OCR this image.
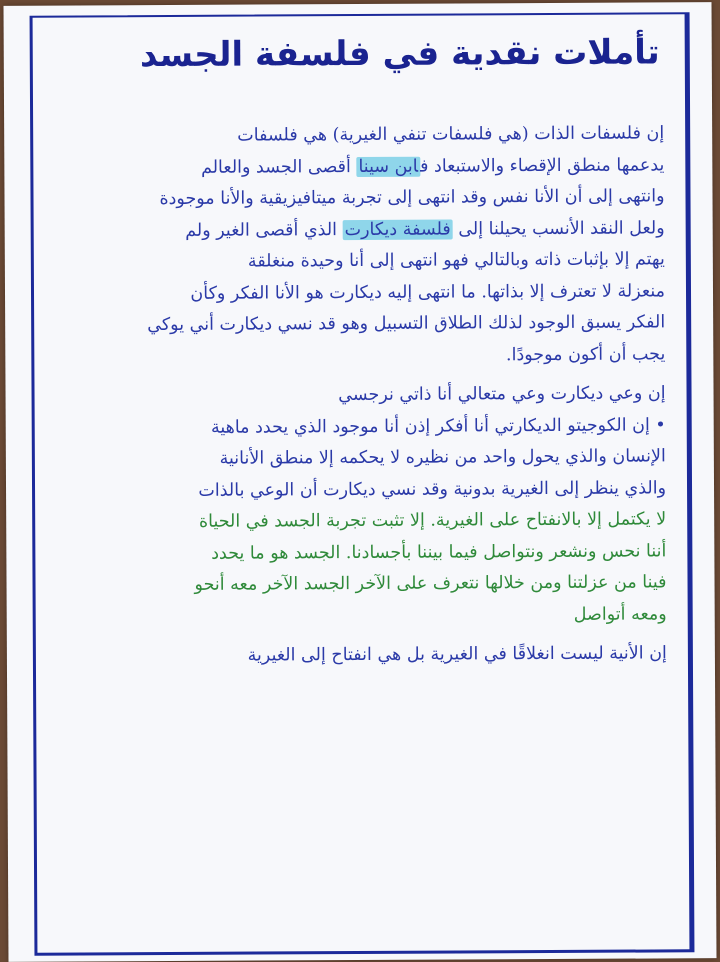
تأملات نقدية في فلسفة الجسد
إن فلسفات الذات (هي فلسفات تنفي الغيرية) هي فلسفات
يدعمها منطق الإقصاء والاستبعاد فابن سينا أقصى الجسد والعالم
وانتهى إلى أن الأنا نفس وقد انتهى إلى تجربة ميتافيزيقية والأنا موجودة
ولعل النقد الأنسب يحيلنا إلى فلسفة ديكارت الذي أقصى الغير ولم
يهتم إلا بإثبات ذاته وبالتالي فهو انتهى إلى أنا وحيدة منغلقة
منعزلة لا تعترف إلا بذاتها. ما انتهى إليه ديكارت هو الأنا الفكر وكأن
الفكر يسبق الوجود لذلك الطلاق التسبيل وهو قد نسي ديكارت أني يوكي
يجب أن أكون موجودًا.
إن وعي ديكارت وعي متعالي أنا ذاتي نرجسي
• إن الكوجيتو الديكارتي أنا أفكر إذن أنا موجود الذي يحدد ماهية
الإنسان والذي يحول واحد من نظيره لا يحكمه إلا منطق الأنانية
والذي ينظر إلى الغيرية بدونية وقد نسي ديكارت أن الوعي بالذات
لا يكتمل إلا بالانفتاح على الغيرية. إلا تثبت تجربة الجسد في الحياة
أننا نحس ونشعر ونتواصل فيما بيننا بأجسادنا. الجسد هو ما يحدد
فينا من عزلتنا ومن خلالها نتعرف على الآخر الجسد الآخر معه أنحو
ومعه أتواصل
إن الأنية ليست انغلاقًا في الغيرية بل هي انفتاح إلى الغيرية
